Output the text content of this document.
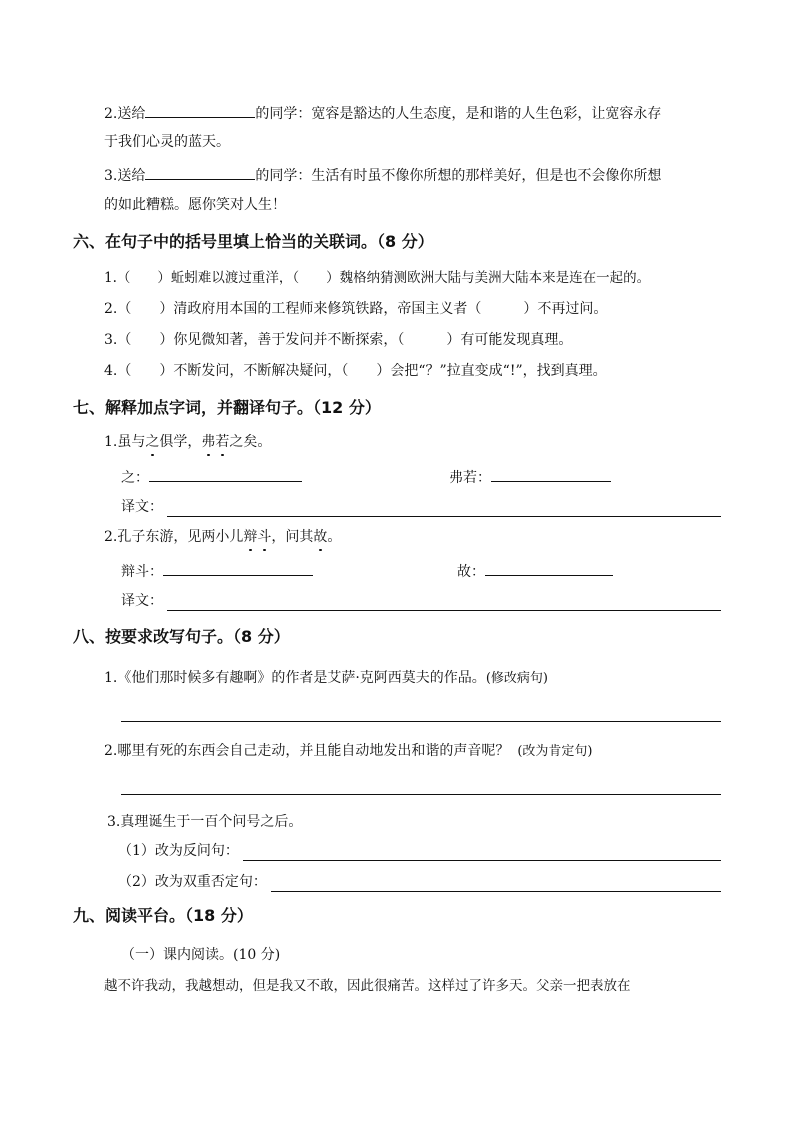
2.送给	的同学：宽容是豁达的人生态度，是和谐的人生色彩，让宽容永存
于我们心灵的蓝天。
3.送给	的同学：生活有时虽不像你所想的那样美好，但是也不会像你所想
的如此糟糕。愿你笑对人生！
六、在句子中的括号里填上恰当的关联词。（8 分）
1.（　　）蚯蚓难以渡过重洋，（　　）魏格纳猜测欧洲大陆与美洲大陆本来是连在一起的。
2.（　　）清政府用本国的工程师来修筑铁路，帝国主义者（　　　）不再过问。
3.（　　）你见微知著，善于发问并不断探索，（　　　）有可能发现真理。
4.（　　）不断发问，不断解决疑问，（　　）会把“？”拉直变成“!”，找到真理。
七、解释加点字词，并翻译句子。（12 分）
1.虽与之俱学，弗若之矣。
之：	弗若：
译文：
2.孔子东游，见两小儿辩斗，问其故。
辩斗：	故：
译文：
八、按要求改写句子。（8 分）
1.《他们那时候多有趣啊》的作者是艾萨·克阿西莫夫的作品。(修改病句)
2.哪里有死的东西会自己走动，并且能自动地发出和谐的声音呢？ (改为肯定句)
3.真理诞生于一百个问号之后。
（1）改为反问句：
（2）改为双重否定句：
九、阅读平台。（18 分）
（一）课内阅读。(10 分)
越不许我动，我越想动，但是我又不敢，因此很痛苦。这样过了许多天。父亲一把表放在
